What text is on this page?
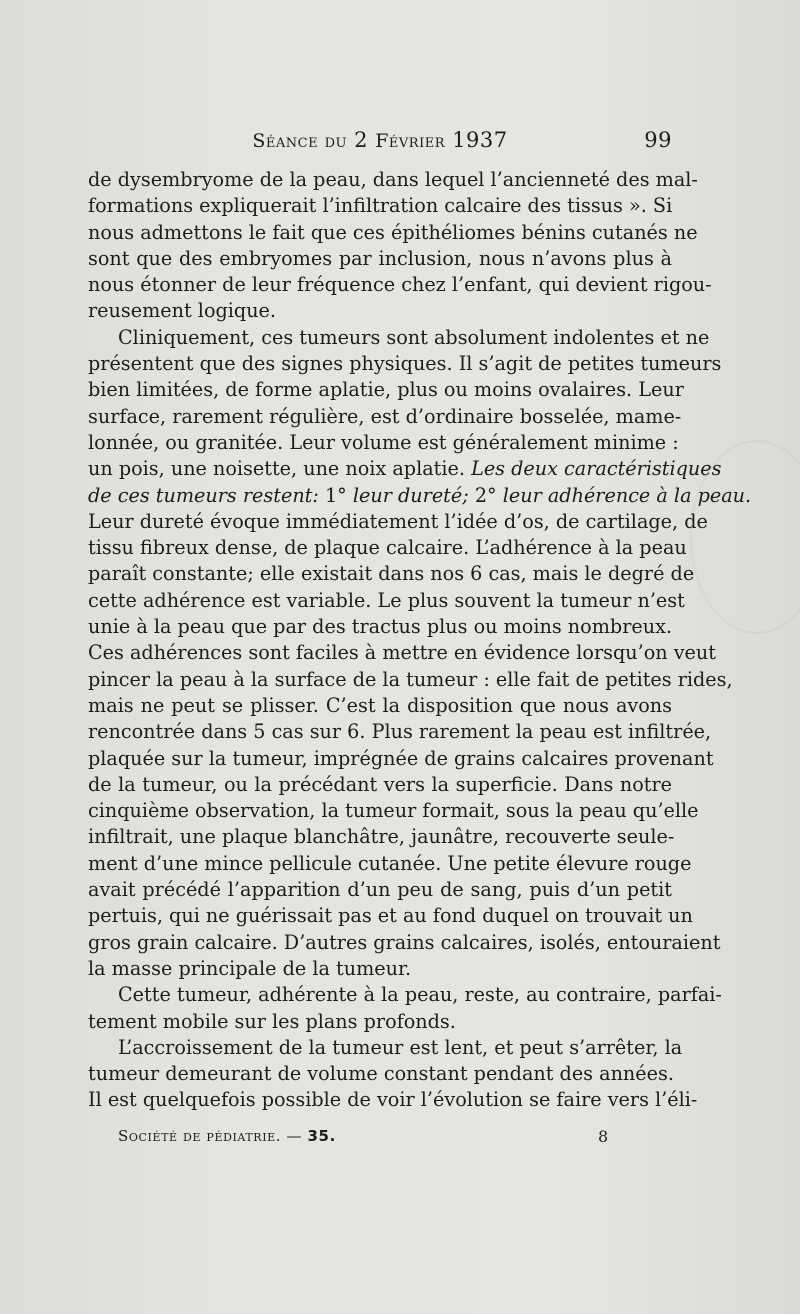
Séance du 2 Février 1937	99
de dysembryome de la peau, dans lequel l’ancienneté des mal-
formations expliquerait l’infiltration calcaire des tissus ». Si
nous admettons le fait que ces épithéliomes bénins cutanés ne
sont que des embryomes par inclusion, nous n’avons plus à
nous étonner de leur fréquence chez l’enfant, qui devient rigou-
reusement logique.
Cliniquement, ces tumeurs sont absolument indolentes et ne
présentent que des signes physiques. Il s’agit de petites tumeurs
bien limitées, de forme aplatie, plus ou moins ovalaires. Leur
surface, rarement régulière, est d’ordinaire bosselée, mame-
lonnée, ou granitée. Leur volume est généralement minime :
un pois, une noisette, une noix aplatie. Les deux caractéristiques
de ces tumeurs restent: 1° leur dureté; 2° leur adhérence à la peau.
Leur dureté évoque immédiatement l’idée d’os, de cartilage, de
tissu fibreux dense, de plaque calcaire. L’adhérence à la peau
paraît constante; elle existait dans nos 6 cas, mais le degré de
cette adhérence est variable. Le plus souvent la tumeur n’est
unie à la peau que par des tractus plus ou moins nombreux.
Ces adhérences sont faciles à mettre en évidence lorsqu’on veut
pincer la peau à la surface de la tumeur : elle fait de petites rides,
mais ne peut se plisser. C’est la disposition que nous avons
rencontrée dans 5 cas sur 6. Plus rarement la peau est infiltrée,
plaquée sur la tumeur, imprégnée de grains calcaires provenant
de la tumeur, ou la précédant vers la superficie. Dans notre
cinquième observation, la tumeur formait, sous la peau qu’elle
infiltrait, une plaque blanchâtre, jaunâtre, recouverte seule-
ment d’une mince pellicule cutanée. Une petite élevure rouge
avait précédé l’apparition d’un peu de sang, puis d’un petit
pertuis, qui ne guérissait pas et au fond duquel on trouvait un
gros grain calcaire. D’autres grains calcaires, isolés, entouraient
la masse principale de la tumeur.
Cette tumeur, adhérente à la peau, reste, au contraire, parfai-
tement mobile sur les plans profonds.
L’accroissement de la tumeur est lent, et peut s’arrêter, la
tumeur demeurant de volume constant pendant des années.
Il est quelquefois possible de voir l’évolution se faire vers l’éli-
Société de pédiatrie. — 35.	8
